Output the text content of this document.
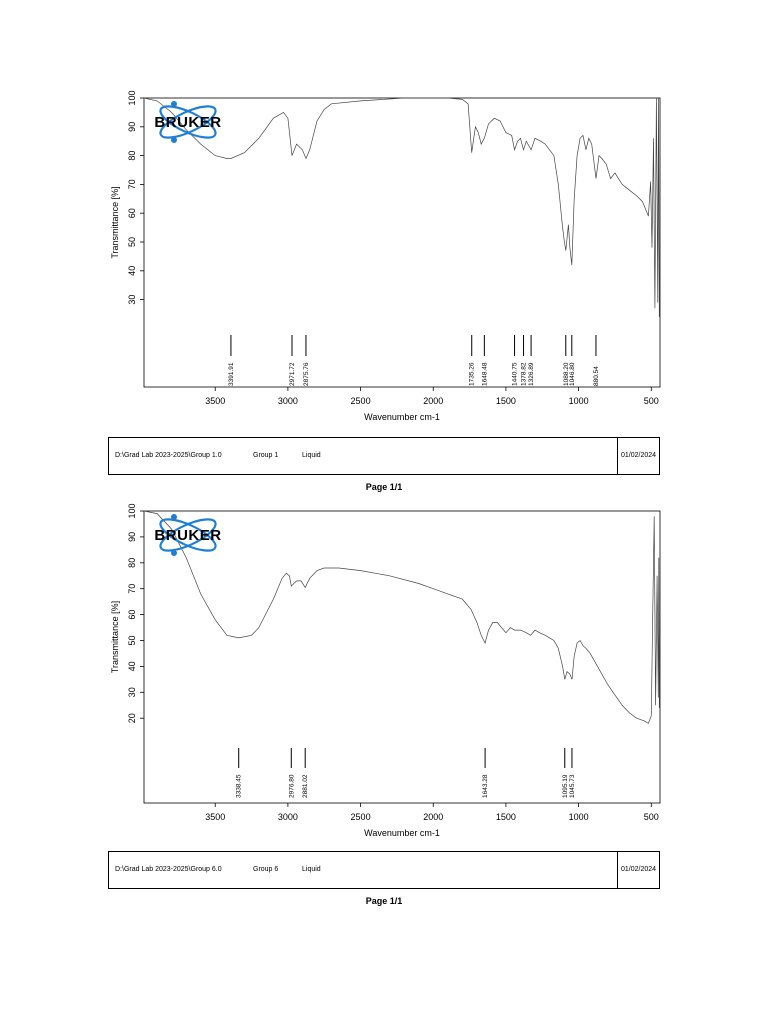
30
40
50
60
70
80
90
100
Transmittance [%]
3500	3000	2500	2000	1500	1000	500
Wavenumber cm-1
3391.91	2971.72 2875.76	1735.26 1648.48	1440.75 1378.82 1326.89	1088.20 1046.80	880.54
BRUKER
D:\Grad Lab 2023-2025\Group 1.0	Group 1	Liquid	01/02/2024
Page 1/1
20
30
40
50
60
70
80
90
100
Transmittance [%]
3500	3000	2500	2000	1500	1000	500
Wavenumber cm-1
3338.45	2976.80 2881.02	1643.28	1095.19 1045.73
BRUKER
D:\Grad Lab 2023-2025\Group 6.0	Group 6	Liquid	01/02/2024
Page 1/1
